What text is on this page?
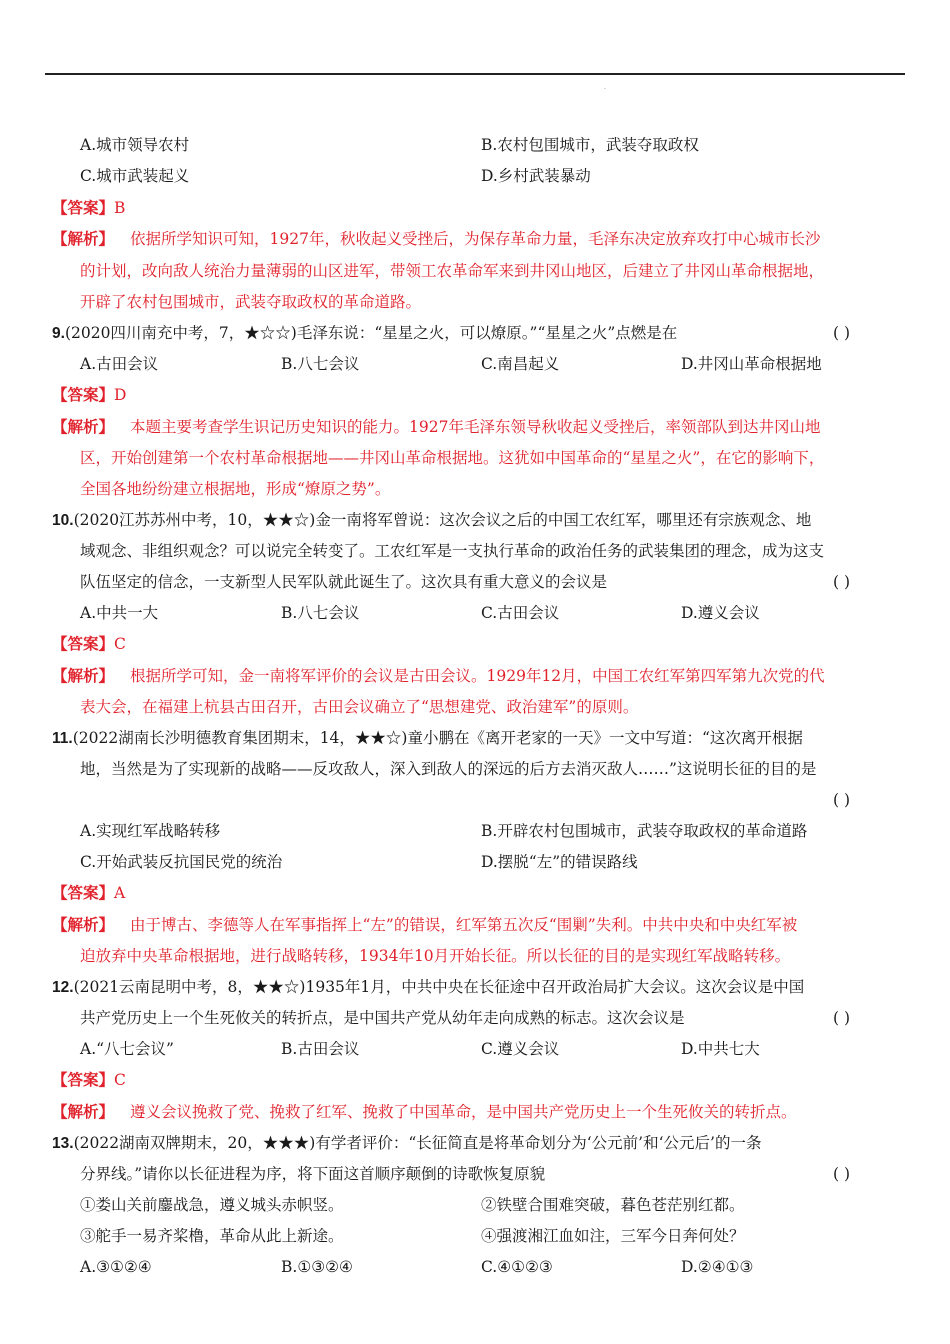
·
A.城市领导农村	B.农村包围城市，武装夺取政权
C.城市武装起义	D.乡村武装暴动
【答案】B
【解析】 依据所学知识可知，1927年，秋收起义受挫后，为保存革命力量，毛泽东决定放弃攻打中心城市长沙
的计划，改向敌人统治力量薄弱的山区进军，带领工农革命军来到井冈山地区，后建立了井冈山革命根据地，
开辟了农村包围城市，武装夺取政权的革命道路。
9.(2020四川南充中考，7，★☆☆)毛泽东说：“星星之火，可以燎原。”“星星之火”点燃是在	( )
A.古田会议	B.八七会议	C.南昌起义	D.井冈山革命根据地
【答案】D
【解析】 本题主要考查学生识记历史知识的能力。1927年毛泽东领导秋收起义受挫后，率领部队到达井冈山地
区，开始创建第一个农村革命根据地——井冈山革命根据地。这犹如中国革命的“星星之火”，在它的影响下，
全国各地纷纷建立根据地，形成“燎原之势”。
10.(2020江苏苏州中考，10，★★☆)金一南将军曾说：这次会议之后的中国工农红军，哪里还有宗族观念、地
域观念、非组织观念？可以说完全转变了。工农红军是一支执行革命的政治任务的武装集团的理念，成为这支
队伍坚定的信念，一支新型人民军队就此诞生了。这次具有重大意义的会议是	( )
A.中共一大	B.八七会议	C.古田会议	D.遵义会议
【答案】C
【解析】 根据所学可知，金一南将军评价的会议是古田会议。1929年12月，中国工农红军第四军第九次党的代
表大会，在福建上杭县古田召开，古田会议确立了“思想建党、政治建军”的原则。
11.(2022湖南长沙明德教育集团期末，14，★★☆)童小鹏在《离开老家的一天》一文中写道：“这次离开根据
地，当然是为了实现新的战略——反攻敌人，深入到敌人的深远的后方去消灭敌人……”这说明长征的目的是
( )
A.实现红军战略转移	B.开辟农村包围城市，武装夺取政权的革命道路
C.开始武装反抗国民党的统治	D.摆脱“左”的错误路线
【答案】A
【解析】 由于博古、李德等人在军事指挥上“左”的错误，红军第五次反“围剿”失利。中共中央和中央红军被
迫放弃中央革命根据地，进行战略转移，1934年10月开始长征。所以长征的目的是实现红军战略转移。
12.(2021云南昆明中考，8，★★☆)1935年1月，中共中央在长征途中召开政治局扩大会议。这次会议是中国
共产党历史上一个生死攸关的转折点，是中国共产党从幼年走向成熟的标志。这次会议是	( )
A.“八七会议”	B.古田会议	C.遵义会议	D.中共七大
【答案】C
【解析】 遵义会议挽救了党、挽救了红军、挽救了中国革命，是中国共产党历史上一个生死攸关的转折点。
13.(2022湖南双牌期末，20，★★★)有学者评价：“长征简直是将革命划分为‘公元前’和‘公元后’的一条
分界线。”请你以长征进程为序，将下面这首顺序颠倒的诗歌恢复原貌	( )
①娄山关前鏖战急，遵义城头赤帜竖。	②铁壁合围难突破，暮色苍茫别红都。
③舵手一易齐桨橹，革命从此上新途。	④强渡湘江血如注，三军今日奔何处？
A.③①②④	B.①③②④	C.④①②③	D.②④①③
